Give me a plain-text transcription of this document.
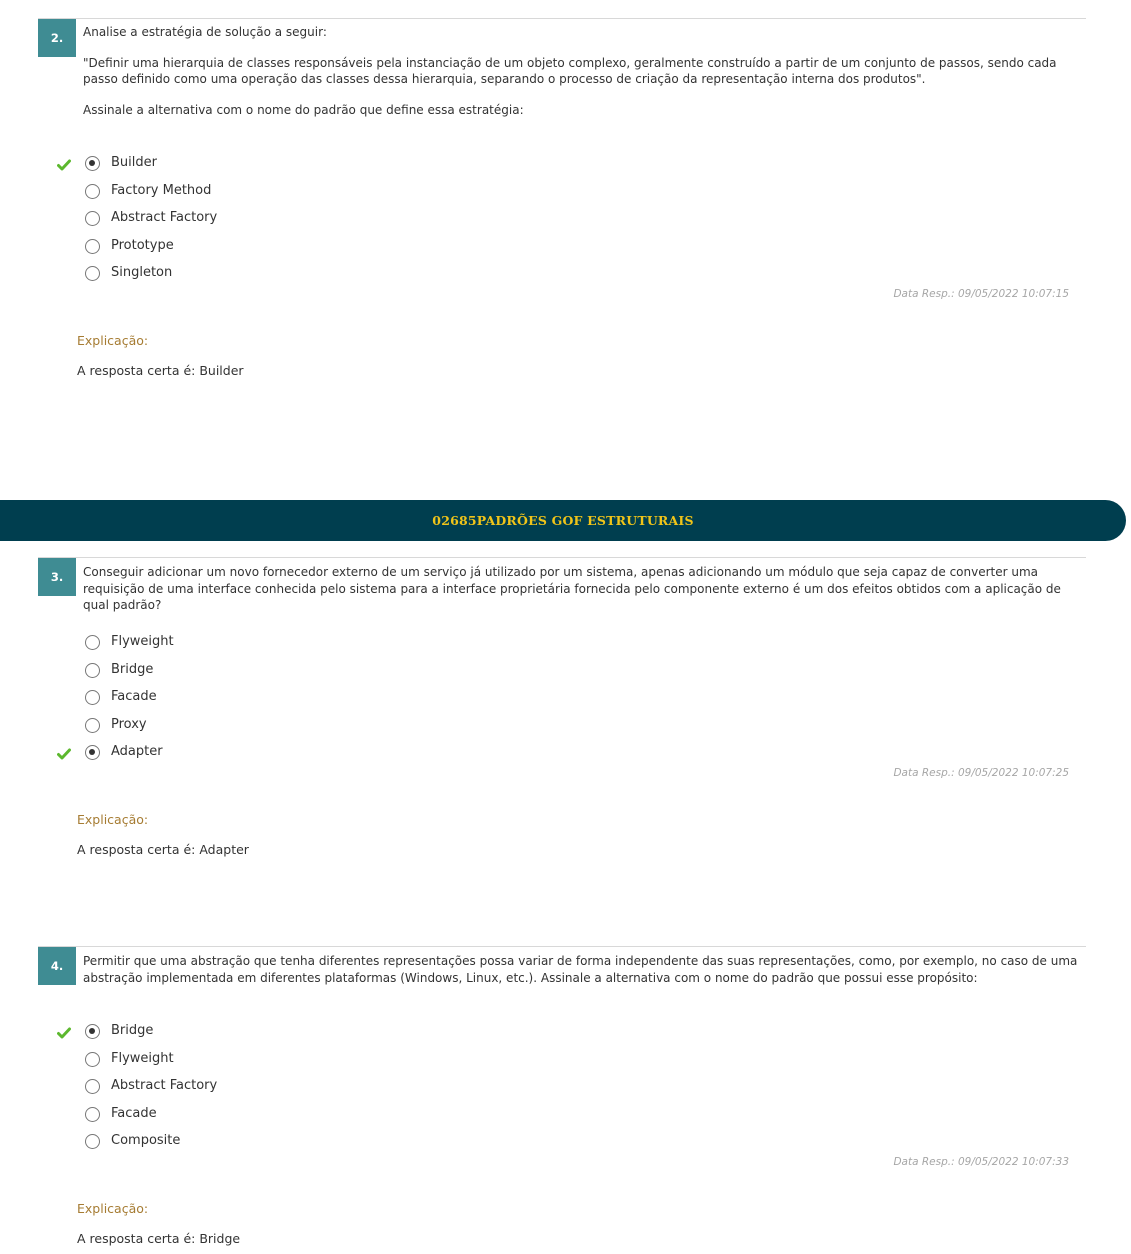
2.	Analise a estratégia de solução a seguir:

"Definir uma hierarquia de classes responsáveis pela instanciação de um objeto complexo, geralmente construído a partir de um conjunto de passos, sendo cada passo definido como uma operação das classes dessa hierarquia, separando o processo de criação da representação interna dos produtos".

Assinale a alternativa com o nome do padrão que define essa estratégia:

Builder
Factory Method
Abstract Factory
Prototype
Singleton
Data Resp.: 09/05/2022 10:07:15
Explicação:
A resposta certa é: Builder
02685PADRÕES GOF ESTRUTURAIS
3.	Conseguir adicionar um novo fornecedor externo de um serviço já utilizado por um sistema, apenas adicionando um módulo que seja capaz de converter uma requisição de uma interface conhecida pelo sistema para a interface proprietária fornecida pelo componente externo é um dos efeitos obtidos com a aplicação de qual padrão?

Flyweight
Bridge
Facade
Proxy
Adapter
Data Resp.: 09/05/2022 10:07:25
Explicação:
A resposta certa é: Adapter
4.	Permitir que uma abstração que tenha diferentes representações possa variar de forma independente das suas representações, como, por exemplo, no caso de uma abstração implementada em diferentes plataformas (Windows, Linux, etc.). Assinale a alternativa com o nome do padrão que possui esse propósito:

Bridge
Flyweight
Abstract Factory
Facade
Composite
Data Resp.: 09/05/2022 10:07:33
Explicação:
A resposta certa é: Bridge
